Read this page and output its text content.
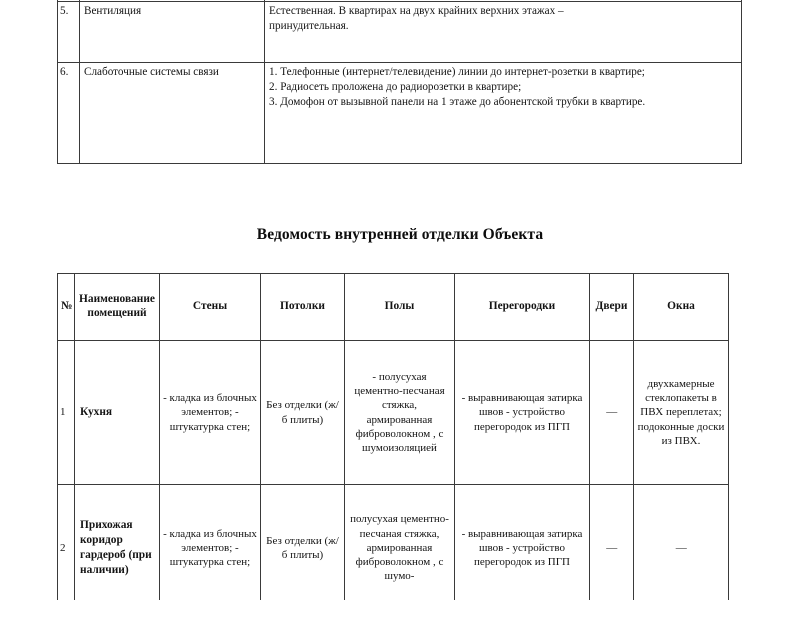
5.	Вентиляция	Естественная. В квартирах на двух крайних верхних этажах –

принудительная.

6.	Слаботочные системы связи	1. Телефонные (интернет/телевидение) линии до интернет-розетки в квартире;

2. Радиосеть проложена до радиорозетки в квартире;

3. Домофон от вызывной панели на 1 этаже до абонентской трубки в квартире.

Ведомость внутренней отделки Объекта
№	Наименование помещений	Стены	Потолки	Полы	Перегородки	Двери	Окна
1	Кухня	- кладка из блочных элементов; - штукатурка стен;	Без отделки (ж/б плиты)	- полусухая цементно-песчаная стяжка, армированная фиброволокном , с шумоизоляцией	- выравнивающая затирка швов - устройство перегородок из ПГП	—	двухкамерные стеклопакеты в ПВХ переплетах; подоконные доски из ПВХ.
2	Прихожая коридор гардероб (при наличии)	- кладка из блочных элементов; - штукатурка стен;	Без отделки (ж/б плиты)	полусухая цементно-песчаная стяжка, армированная фиброволокном , с шумо-	- выравнивающая затирка швов - устройство перегородок из ПГП	—	—
